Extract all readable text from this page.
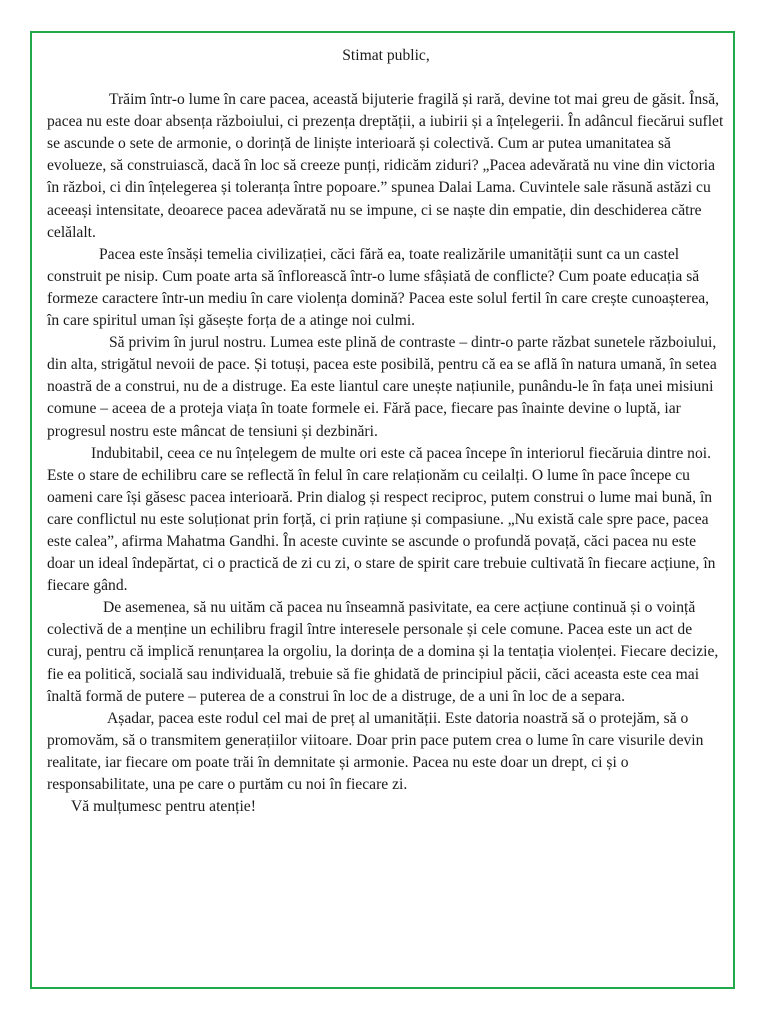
Stimat public,

Trăim într-o lume în care pacea, această bijuterie fragilă și rară, devine tot mai greu de găsit. Însă, pacea nu este doar absența războiului, ci prezența dreptății, a iubirii și a înțelegerii. În adâncul fiecărui suflet se ascunde o sete de armonie, o dorință de liniște interioară și colectivă. Cum ar putea umanitatea să evolueze, să construiască, dacă în loc să creeze punți, ridicăm ziduri? „Pacea adevărată nu vine din victoria în război, ci din înțelegerea și toleranța între popoare.” spunea Dalai Lama. Cuvintele sale răsună astăzi cu aceeași intensitate, deoarece pacea adevărată nu se impune, ci se naște din empatie, din deschiderea către celălalt.

Pacea este însăși temelia civilizației, căci fără ea, toate realizările umanității sunt ca un castel construit pe nisip. Cum poate arta să înflorească într-o lume sfâșiată de conflicte? Cum poate educația să formeze caractere într-un mediu în care violența domină? Pacea este solul fertil în care crește cunoașterea, în care spiritul uman își găsește forța de a atinge noi culmi.

Să privim în jurul nostru. Lumea este plină de contraste – dintr-o parte răzbat sunetele războiului, din alta, strigătul nevoii de pace. Și totuși, pacea este posibilă, pentru că ea se află în natura umană, în setea noastră de a construi, nu de a distruge. Ea este liantul care unește națiunile, punându-le în fața unei misiuni comune – aceea de a proteja viața în toate formele ei. Fără pace, fiecare pas înainte devine o luptă, iar progresul nostru este mâncat de tensiuni și dezbinări.

Indubitabil, ceea ce nu înțelegem de multe ori este că pacea începe în interiorul fiecăruia dintre noi. Este o stare de echilibru care se reflectă în felul în care relaționăm cu ceilalți. O lume în pace începe cu oameni care își găsesc pacea interioară. Prin dialog și respect reciproc, putem construi o lume mai bună, în care conflictul nu este soluționat prin forță, ci prin rațiune și compasiune. „Nu există cale spre pace, pacea este calea”, afirma Mahatma Gandhi. În aceste cuvinte se ascunde o profundă povață, căci pacea nu este doar un ideal îndepărtat, ci o practică de zi cu zi, o stare de spirit care trebuie cultivată în fiecare acțiune, în fiecare gând.

De asemenea, să nu uităm că pacea nu înseamnă pasivitate, ea cere acțiune continuă și o voință colectivă de a menține un echilibru fragil între interesele personale și cele comune. Pacea este un act de curaj, pentru că implică renunțarea la orgoliu, la dorința de a domina și la tentația violenței. Fiecare decizie, fie ea politică, socială sau individuală, trebuie să fie ghidată de principiul păcii, căci aceasta este cea mai înaltă formă de putere – puterea de a construi în loc de a distruge, de a uni în loc de a separa.

Așadar, pacea este rodul cel mai de preț al umanității. Este datoria noastră să o protejăm, să o promovăm, să o transmitem generațiilor viitoare. Doar prin pace putem crea o lume în care visurile devin realitate, iar fiecare om poate trăi în demnitate și armonie. Pacea nu este doar un drept, ci și o responsabilitate, una pe care o purtăm cu noi în fiecare zi.

Vă mulțumesc pentru atenție!
